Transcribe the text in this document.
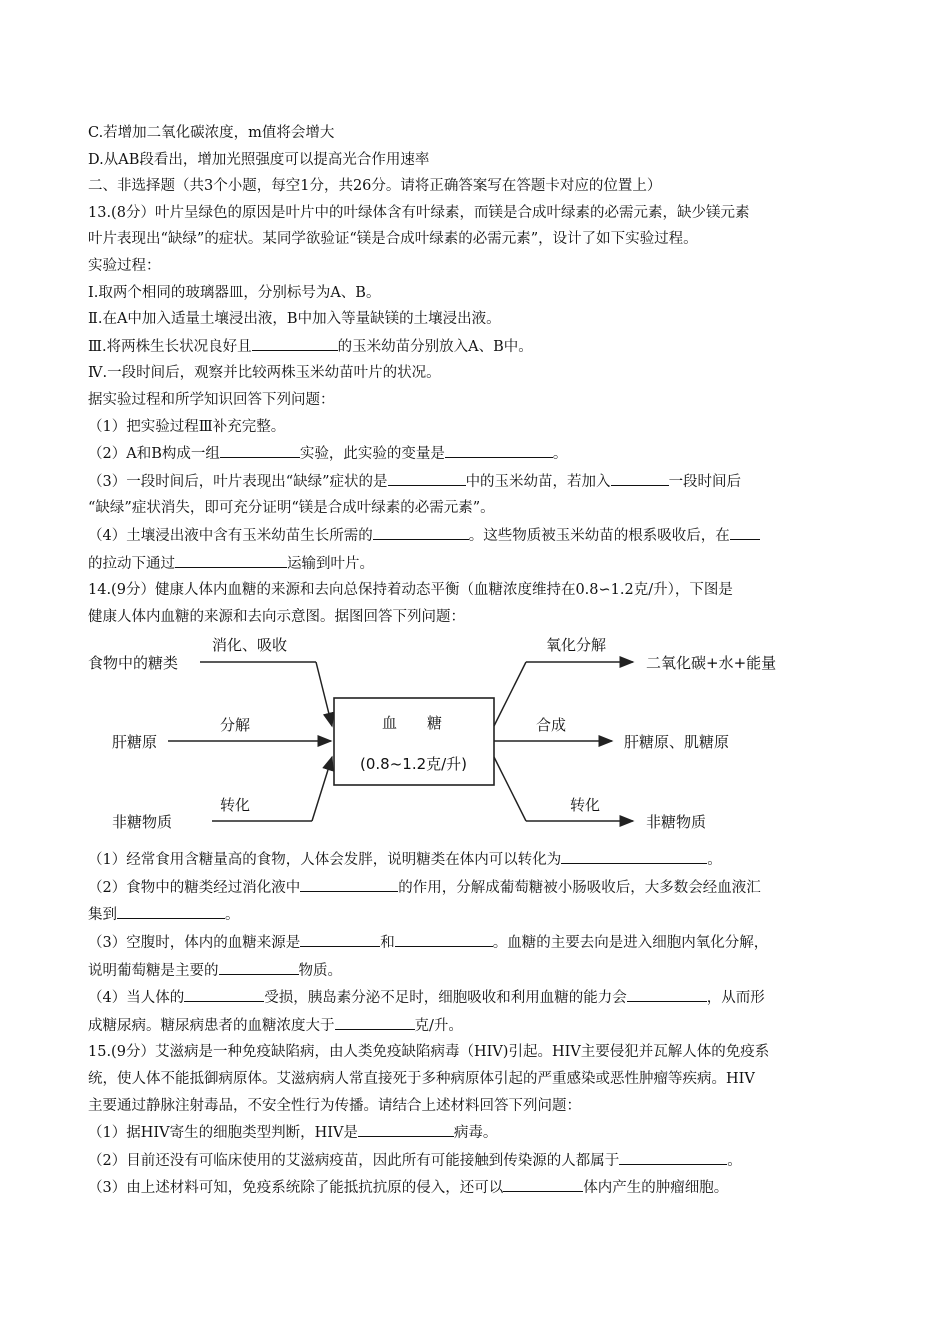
C.若增加二氧化碳浓度，m值将会增大
D.从AB段看出，增加光照强度可以提高光合作用速率
二、非选择题（共3个小题，每空1分，共26分。请将正确答案写在答题卡对应的位置上）
13.(8分）叶片呈绿色的原因是叶片中的叶绿体含有叶绿素，而镁是合成叶绿素的必需元素，缺少镁元素
叶片表现出“缺绿”的症状。某同学欲验证“镁是合成叶绿素的必需元素”，设计了如下实验过程。
实验过程：
Ⅰ.取两个相同的玻璃器皿，分别标号为A、B。
Ⅱ.在A中加入适量土壤浸出液，B中加入等量缺镁的土壤浸出液。
Ⅲ.将两株生长状况良好且	的玉米幼苗分别放入A、B中。
Ⅳ.一段时间后，观察并比较两株玉米幼苗叶片的状况。
据实验过程和所学知识回答下列问题：
（1）把实验过程Ⅲ补充完整。
（2）A和B构成一组	实验，此实验的变量是	。
（3）一段时间后，叶片表现出“缺绿”症状的是	中的玉米幼苗，若加入	一段时间后
“缺绿”症状消失，即可充分证明“镁是合成叶绿素的必需元素”。
（4）土壤浸出液中含有玉米幼苗生长所需的	。这些物质被玉米幼苗的根系吸收后，在
的拉动下通过	运输到叶片。
14.(9分）健康人体内血糖的来源和去向总保持着动态平衡（血糖浓度维持在0.8∽1.2克/升），下图是
健康人体内血糖的来源和去向示意图。据图回答下列问题：
食物中的糖类
消化、吸收
肝糖原
分解
非糖物质
转化
血　　糖
(0.8~1.2克/升)
氧化分解
二氧化碳+水+能量
合成
肝糖原、肌糖原
转化
非糖物质
（1）经常食用含糖量高的食物，人体会发胖，说明糖类在体内可以转化为	。
（2）食物中的糖类经过消化液中	的作用，分解成葡萄糖被小肠吸收后，大多数会经血液汇
集到	。
（3）空腹时，体内的血糖来源是	和	。血糖的主要去向是进入细胞内氧化分解，
说明葡萄糖是主要的	物质。
（4）当人体的	受损，胰岛素分泌不足时，细胞吸收和利用血糖的能力会	，从而形
成糖尿病。糖尿病患者的血糖浓度大于	克/升。
15.(9分）艾滋病是一种免疫缺陷病，由人类免疫缺陷病毒（HIV)引起。HIV主要侵犯并瓦解人体的免疫系
统，使人体不能抵御病原体。艾滋病病人常直接死于多种病原体引起的严重感染或恶性肿瘤等疾病。HIV
主要通过静脉注射毒品，不安全性行为传播。请结合上述材料回答下列问题：
（1）据HIV寄生的细胞类型判断，HIV是	病毒。
（2）目前还没有可临床使用的艾滋病疫苗，因此所有可能接触到传染源的人都属于	。
（3）由上述材料可知，免疫系统除了能抵抗抗原的侵入，还可以	体内产生的肿瘤细胞。
